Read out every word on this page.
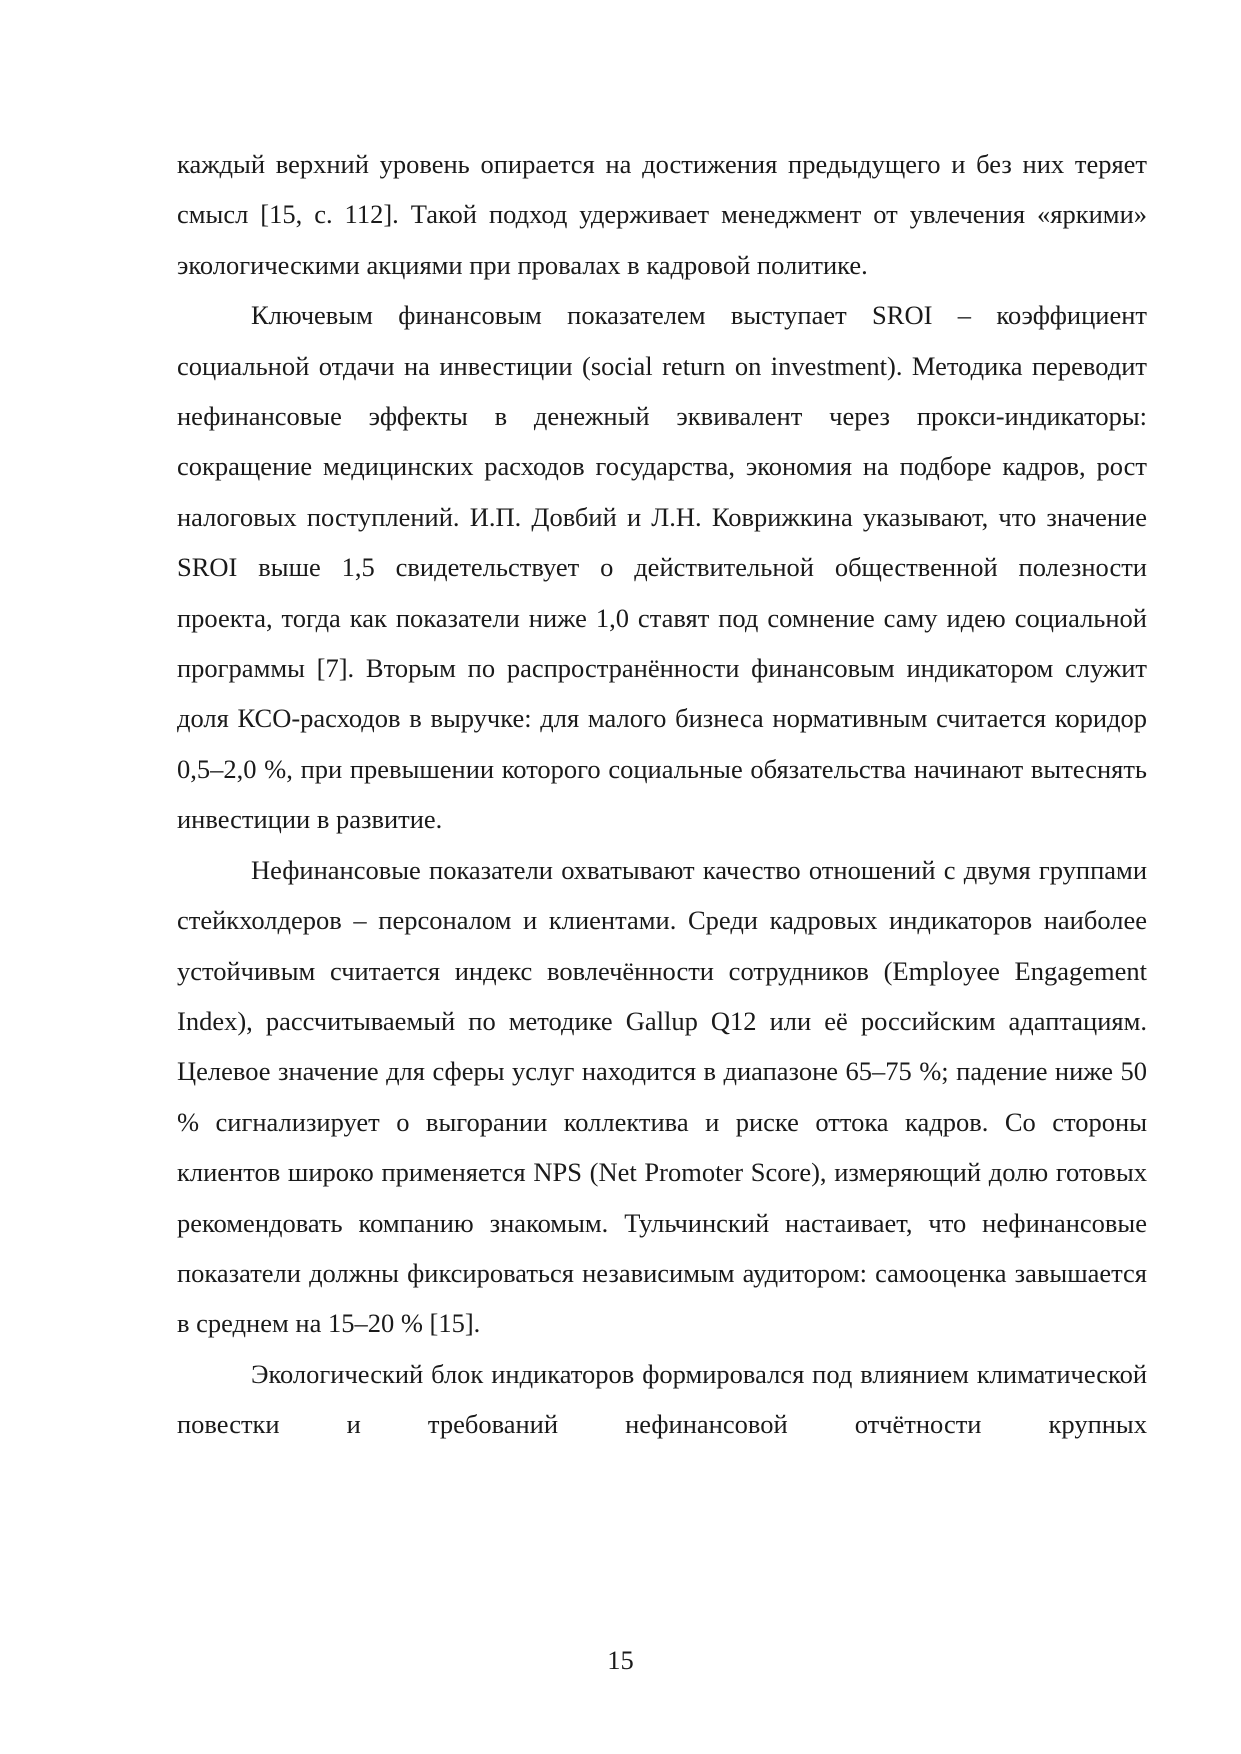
каждый верхний уровень опирается на достижения предыдущего и без них теряет смысл [15, с. 112]. Такой подход удерживает менеджмент от увлечения «яркими» экологическими акциями при провалах в кадровой политике.

Ключевым финансовым показателем выступает SROI – коэффициент социальной отдачи на инвестиции (social return on investment). Методика переводит нефинансовые эффекты в денежный эквивалент через прокси-индикаторы: сокращение медицинских расходов государства, экономия на подборе кадров, рост налоговых поступлений. И.П. Довбий и Л.Н. Коврижкина указывают, что значение SROI выше 1,5 свидетельствует о действительной общественной полезности проекта, тогда как показатели ниже 1,0 ставят под сомнение саму идею социальной программы [7]. Вторым по распространённости финансовым индикатором служит доля КСО-расходов в выручке: для малого бизнеса нормативным считается коридор 0,5–2,0 %, при превышении которого социальные обязательства начинают вытеснять инвестиции в развитие.

Нефинансовые показатели охватывают качество отношений с двумя группами стейкхолдеров – персоналом и клиентами. Среди кадровых индикаторов наиболее устойчивым считается индекс вовлечённости сотрудников (Employee Engagement Index), рассчитываемый по методике Gallup Q12 или её российским адаптациям. Целевое значение для сферы услуг находится в диапазоне 65–75 %; падение ниже 50 % сигнализирует о выгорании коллектива и риске оттока кадров. Со стороны клиентов широко применяется NPS (Net Promoter Score), измеряющий долю готовых рекомендовать компанию знакомым. Тульчинский настаивает, что нефинансовые показатели должны фиксироваться независимым аудитором: самооценка завышается в среднем на 15–20 % [15].

Экологический блок индикаторов формировался под влиянием климатической повестки и требований нефинансовой отчётности крупных

15
